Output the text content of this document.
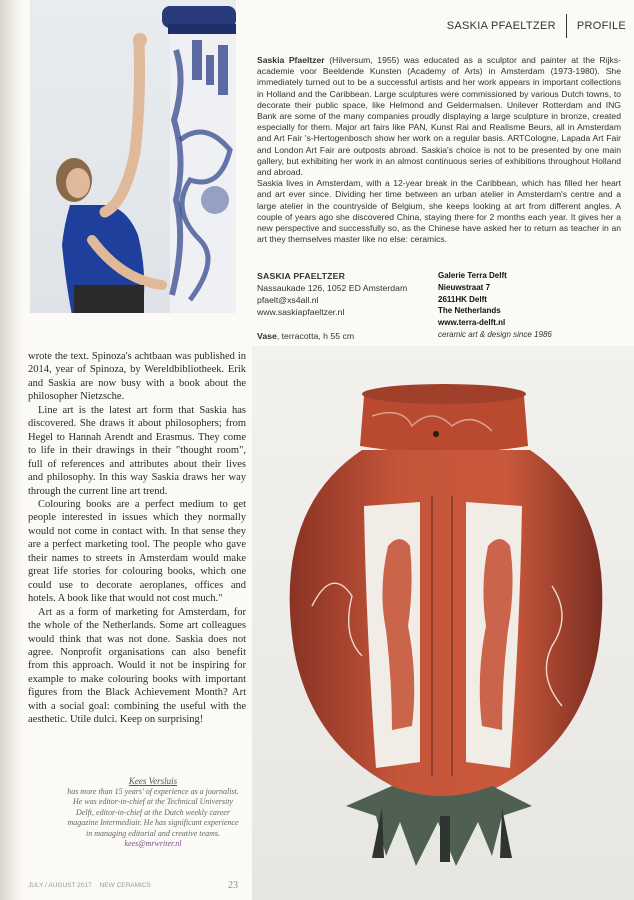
SASKIA PFAELTZER PROFILE

Saskia Pfaeltzer (Hilversum, 1955) was educated as a sculptor and painter at the Rijksacademie voor Beeldende Kunsten (Academy of Arts) in Amsterdam (1973-1980). She immediately turned out to be a successful artists and her work appears in important collections in Holland and the Caribbean. Large sculptures were commissioned by various Dutch towns, to decorate their public space, like Helmond and Geldermalsen. Unilever Rotterdam and ING Bank are some of the many companies proudly displaying a large sculpture in bronze, created especially for them. Major art fairs like PAN, Kunst Rai and Realisme Beurs, all in Amsterdam and Art Fair 's-Hertogenbosch show her work on a regular basis. ARTCologne, Lapada Art Fair and London Art Fair are outposts abroad. Saskia's choice is not to be presented by one main gallery, but exhibiting her work in an almost continuous series of exhibitions throughout Holland and abroad.

Saskia lives in Amsterdam, with a 12-year break in the Caribbean, which has filled her heart and art ever since. Dividing her time between an urban atelier in Amsterdam's centre and a large atelier in the countryside of Belgium, she keeps looking at art from different angles. A couple of years ago she discovered China, staying there for 2 months each year. It gives her a new perspective and successfully so, as the Chinese have asked her to return as teacher in an art they themselves master like no else: ceramics.

SASKIA PFAELTZER
Nassaukade 126, 1052 ED Amsterdam
pfaelt@xs4all.nl
www.saskiapfaeltzer.nl
Galerie Terra Delft
Nieuwstraat 7
2611HK Delft
The Netherlands
www.terra-delft.nl
ceramic art & design since 1986
Vase, terracotta, h 55 cm

wrote the text. Spinoza's achtbaan was published in 2014, year of Spinoza, by Wereldbibliotheek. Erik and Saskia are now busy with a book about the philosopher Nietzsche.

Line art is the latest art form that Saskia has discovered. She draws it about philosophers; from Hegel to Hannah Arendt and Erasmus. They come to life in their drawings in their "thought room", full of references and attributes about their lives and philosophy. In this way Saskia draws her way through the current line art trend.

Colouring books are a perfect medium to get people interested in issues which they normally would not come in contact with. In that sense they are a perfect marketing tool. The people who gave their names to streets in Amsterdam would make great life stories for colouring books, which one could use to decorate aeroplanes, offices and hotels. A book like that would not cost much."

Art as a form of marketing for Amsterdam, for the whole of the Netherlands. Some art colleagues would think that was not done. Saskia does not agree. Nonprofit organisations can also benefit from this approach. Would it not be inspiring for example to make colouring books with important figures from the Black Achievement Month? Art with a social goal: combining the useful with the aesthetic. Utile dulci. Keep on surprising!

Kees Versluis
has more than 15 years' of experience as a journalist. He was editor-in-chief at the Technical University Delft, editor-in-chief at the Dutch weekly career magazine Intermediair. He has significant experience in managing editorial and creative teams. kees@mrwriter.nl
JULY / AUGUST 2017 NEW CERAMICS	23
